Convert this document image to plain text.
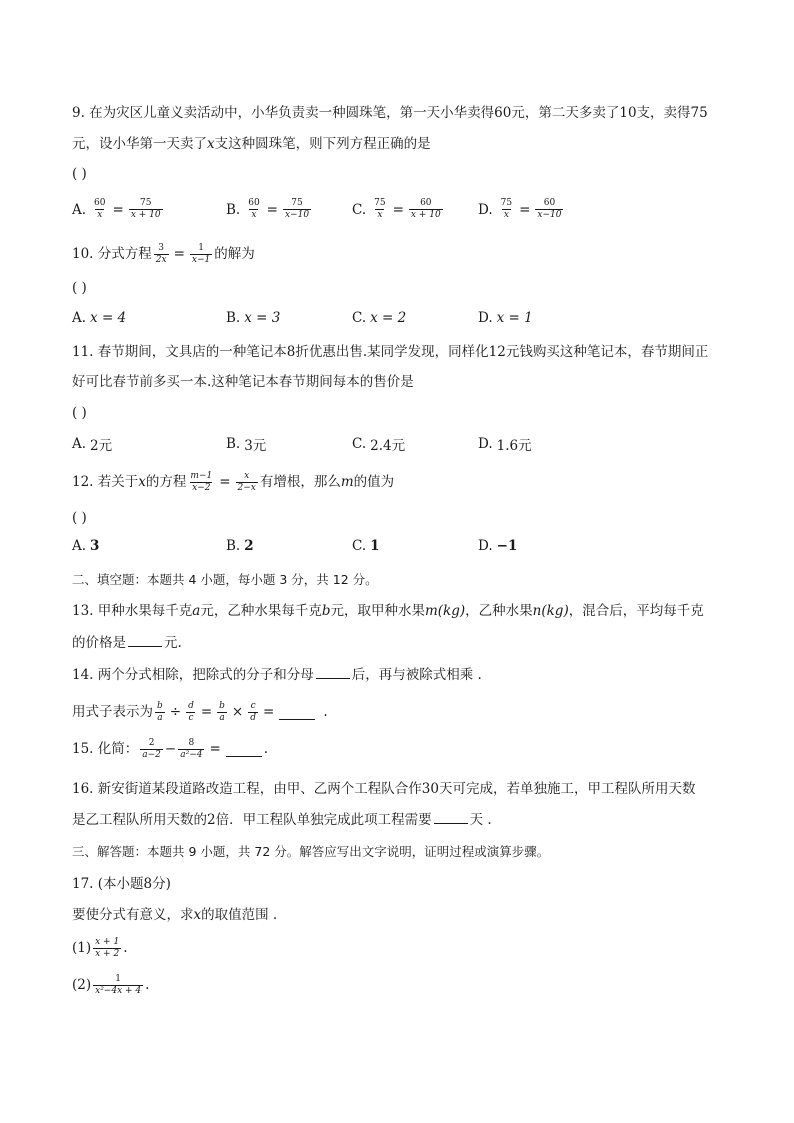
9. 在为灾区儿童义卖活动中，小华负责卖一种圆珠笔，第一天小华卖得60元，第二天多卖了10支，卖得75
元，设小华第一天卖了x支这种圆珠笔，则下列方程正确的是
( )
A. $\frac{60}{x} = \frac{75}{x + 10}$	B. $\frac{60}{x} = \frac{75}{x-10}$	C. $\frac{75}{x} = \frac{60}{x + 10}$	D. $\frac{75}{x} = \frac{60}{x-10}$
10. 分式方程 $\frac{3}{2x} = \frac{1}{x-1}$ 的解为
( )
A. x = 4	B. x = 3	C. x = 2	D. x = 1
11. 春节期间，文具店的一种笔记本8折优惠出售.某同学发现，同样化12元钱购买这种笔记本，春节期间正
好可比春节前多买一本.这种笔记本春节期间每本的售价是
( )
A. 2元	B. 3元	C. 2.4元	D. 1.6元
12. 若关于 x 的方程 $\frac{m-1}{x-2} = \frac{x}{2-x}$ 有增根，那么 m 的值为
( )
A. 3	B. 2	C. 1	D. −1
二、填空题：本题共 4 小题，每小题 3 分，共 12 分。
13. 甲种水果每千克a元，乙种水果每千克b元，取甲种水果m(kg)，乙种水果n(kg)，混合后，平均每千克
的价格是	元.
14. 两个分式相除，把除式的分子和分母	后，再与被除式相乘 .
用式子表示为 $\frac{b}{a} \div \frac{d}{c} = \frac{b}{a} \times \frac{c}{d}$ =	.
15. 化简： $\frac{2}{a-2} - \frac{8}{\text{a²−4}}$ =	.
16. 新安街道某段道路改造工程，由甲、乙两个工程队合作30天可完成，若单独施工，甲工程队所用天数
是乙工程队所用天数的2倍．甲工程队单独完成此项工程需要	天 .
三、解答题：本题共 9 小题，共 72 分。解答应写出文字说明，证明过程或演算步骤。
17. (本小题8分)
要使分式有意义，求x的取值范围 .
$(1) \frac{x + 1}{x + 2}$ .
$(2) \frac{1}{\text{x²−4x + 4}}$ .
